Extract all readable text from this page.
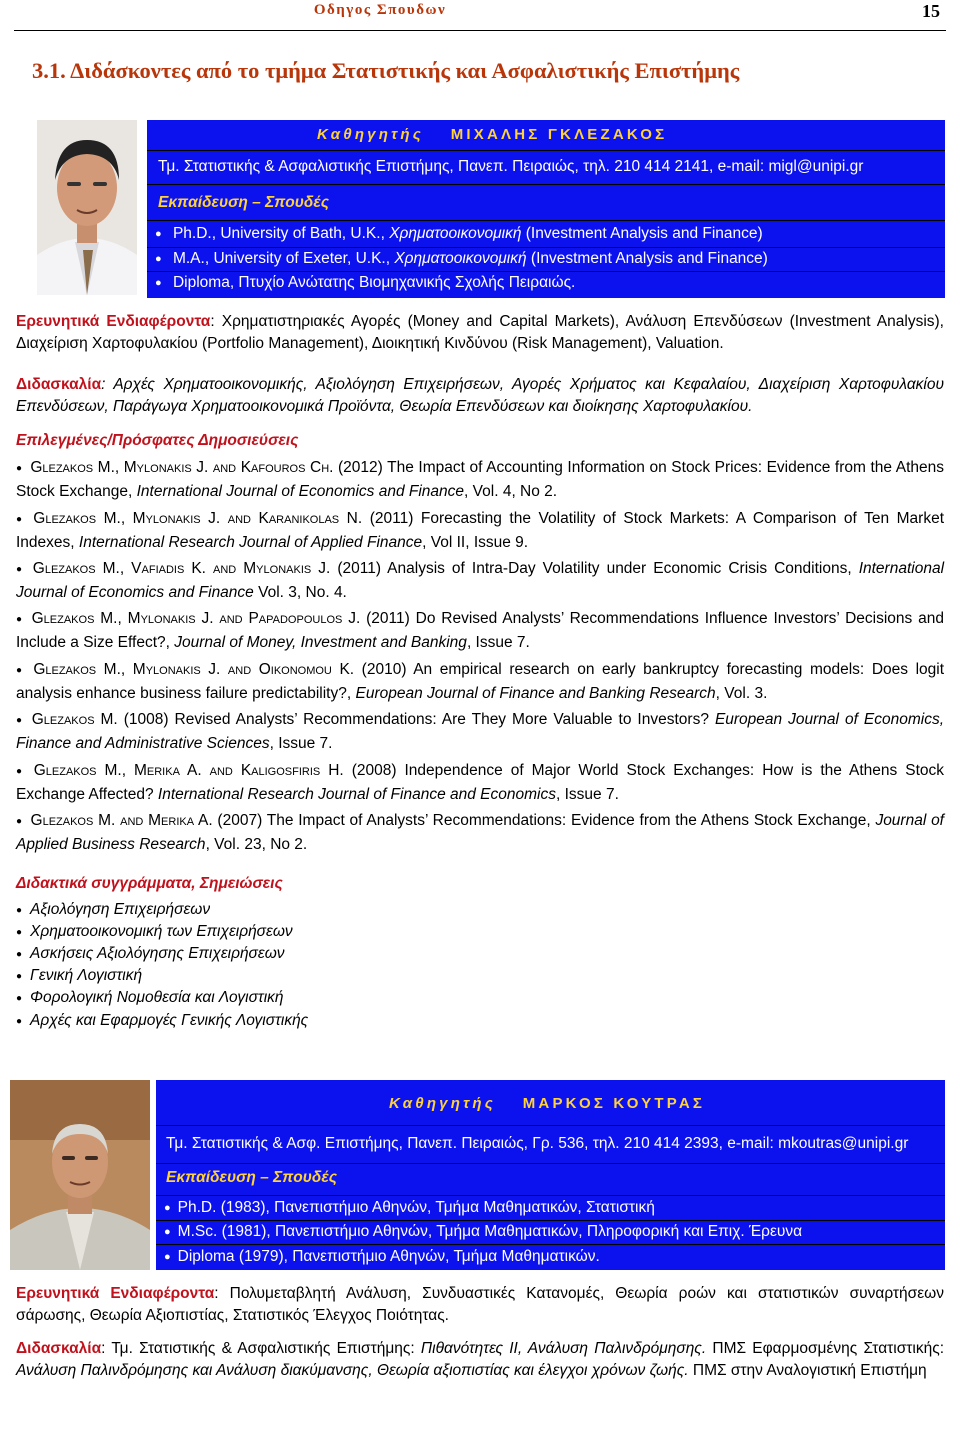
Οδηγος Σπουδων	15
3.1. Διδάσκοντες από το τμήμα Στατιστικής και Ασφαλιστικής Επιστήμης
Καθηγητής ΜΙΧΑΛΗΣ ΓΚΛΕΖΑΚΟΣ
Τμ. Στατιστικής & Ασφαλιστικής Επιστήμης, Πανεπ. Πειραιώς, τηλ. 210 414 2141, e-mail: migl@unipi.gr
Εκπαίδευση – Σπουδές
● Ph.D., University of Bath, U.K., Χρηματοοικονομική (Investment Analysis and Finance)
● M.A., University of Exeter, U.K., Χρηματοοικονομική (Investment Analysis and Finance)
● Diploma, Πτυχίο Ανώτατης Βιομηχανικής Σχολής Πειραιώς.
Ερευνητικά Ενδιαφέροντα: Χρηματιστηριακές Αγορές (Money and Capital Markets), Ανάλυση Επενδύσεων (Investment Analysis), Διαχείριση Χαρτοφυλακίου (Portfolio Management), Διοικητική Κινδύνου (Risk Management), Valuation.
Διδασκαλία: Αρχές Χρηματοοικονομικής, Αξιολόγηση Επιχειρήσεων, Αγορές Χρήματος και Κεφαλαίου, Διαχείριση Χαρτοφυλακίου Επενδύσεων, Παράγωγα Χρηματοοικονομικά Προϊόντα, Θεωρία Επενδύσεων και διοίκησης Χαρτοφυλακίου.
Επιλεγμένες/Πρόσφατες Δημοσιεύσεις
● Glezakos M., Mylonakis J. and Kafouros Ch. (2012) The Impact of Accounting Information on Stock Prices: Evidence from the Athens Stock Exchange, International Journal of Economics and Finance, Vol. 4, No 2.
● Glezakos M., Mylonakis J. and Karanikolas N. (2011) Forecasting the Volatility of Stock Markets: A Comparison of Ten Market Indexes, International Research Journal of Applied Finance, Vol II, Issue 9.
● Glezakos M., Vafiadis K. and Mylonakis J. (2011) Analysis of Intra-Day Volatility under Economic Crisis Conditions, International Journal of Economics and Finance Vol. 3, No. 4.
● Glezakos M., Mylonakis J. and Papadopoulos J. (2011) Do Revised Analysts’ Recommendations Influence Investors’ Decisions and Include a Size Effect?, Journal of Money, Investment and Banking, Issue 7.
● Glezakos M., Mylonakis J. and Oikonomou K. (2010) An empirical research on early bankruptcy forecasting models: Does logit analysis enhance business failure predictability?, European Journal of Finance and Banking Research, Vol. 3.
● Glezakos M. (1008) Revised Analysts’ Recommendations: Are They More Valuable to Investors? European Journal of Economics, Finance and Administrative Sciences, Issue 7.
● Glezakos M., Merika A. and Kaligosfiris H. (2008) Independence of Major World Stock Exchanges: How is the Athens Stock Exchange Affected? International Research Journal of Finance and Economics, Issue 7.
● Glezakos M. and Merika A. (2007) The Impact of Analysts’ Recommendations: Evidence from the Athens Stock Exchange, Journal of Applied Business Research, Vol. 23, No 2.
Διδακτικά συγγράμματα, Σημειώσεις
● Αξιολόγηση Επιχειρήσεων
● Χρηματοοικονομική των Επιχειρήσεων
● Ασκήσεις Αξιολόγησης Επιχειρήσεων
● Γενική Λογιστική
● Φορολογική Νομοθεσία και Λογιστική
● Αρχές και Εφαρμογές Γενικής Λογιστικής
Καθηγητής ΜΑΡΚΟΣ ΚΟΥΤΡΑΣ
Τμ. Στατιστικής & Ασφ. Επιστήμης, Πανεπ. Πειραιώς, Γρ. 536, τηλ. 210 414 2393, e-mail: mkoutras@unipi.gr
Εκπαίδευση – Σπουδές
● Ph.D. (1983), Πανεπιστήμιο Αθηνών, Τμήμα Μαθηματικών, Στατιστική
● M.Sc. (1981), Πανεπιστήμιο Αθηνών, Τμήμα Μαθηματικών, Πληροφορική και Επιχ. Έρευνα
● Diploma (1979), Πανεπιστήμιο Αθηνών, Τμήμα Μαθηματικών.
Ερευνητικά Ενδιαφέροντα: Πολυμεταβλητή Ανάλυση, Συνδυαστικές Κατανομές, Θεωρία ροών και στατιστικών συναρτήσεων σάρωσης, Θεωρία Αξιοπιστίας, Στατιστικός Έλεγχος Ποιότητας.
Διδασκαλία: Τμ. Στατιστικής & Ασφαλιστικής Επιστήμης: Πιθανότητες ΙΙ, Ανάλυση Παλινδρόμησης. ΠΜΣ Εφαρμοσμένης Στατιστικής: Ανάλυση Παλινδρόμησης και Ανάλυση διακύμανσης, Θεωρία αξιοπιστίας και έλεγχοι χρόνων ζωής. ΠΜΣ στην Αναλογιστική Επιστήμη
